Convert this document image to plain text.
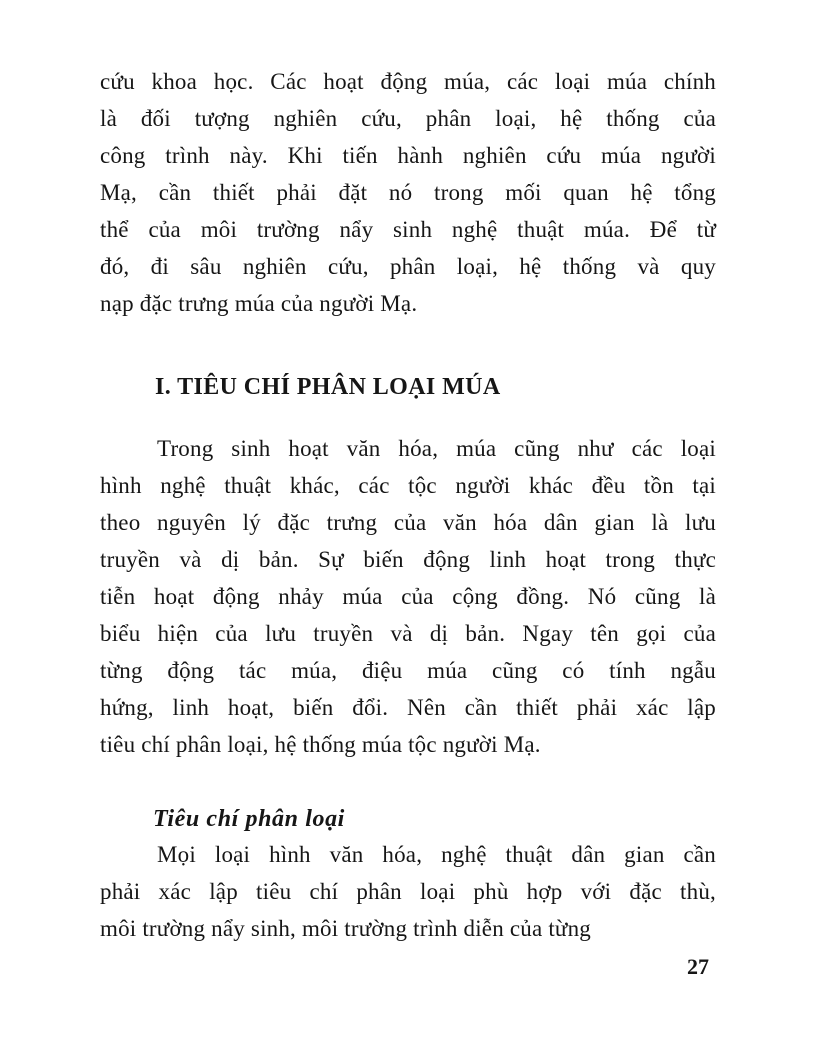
cứu khoa học. Các hoạt động múa, các loại múa chính
là đối tượng nghiên cứu, phân loại, hệ thống của
công trình này. Khi tiến hành nghiên cứu múa người
Mạ, cần thiết phải đặt nó trong mối quan hệ tổng
thể của môi trường nẩy sinh nghệ thuật múa. Để từ
đó, đi sâu nghiên cứu, phân loại, hệ thống và quy
nạp đặc trưng múa của người Mạ.
I. TIÊU CHÍ PHÂN LOẠI MÚA
Trong sinh hoạt văn hóa, múa cũng như các loại
hình nghệ thuật khác, các tộc người khác đều tồn tại
theo nguyên lý đặc trưng của văn hóa dân gian là lưu
truyền và dị bản. Sự biến động linh hoạt trong thực
tiễn hoạt động nhảy múa của cộng đồng. Nó cũng là
biểu hiện của lưu truyền và dị bản. Ngay tên gọi của
từng động tác múa, điệu múa cũng có tính ngẫu
hứng, linh hoạt, biến đổi. Nên cần thiết phải xác lập
tiêu chí phân loại, hệ thống múa tộc người Mạ.
Tiêu chí phân loại
Mọi loại hình văn hóa, nghệ thuật dân gian cần
phải xác lập tiêu chí phân loại phù hợp với đặc thù,
môi trường nẩy sinh, môi trường trình diễn của từng
27
